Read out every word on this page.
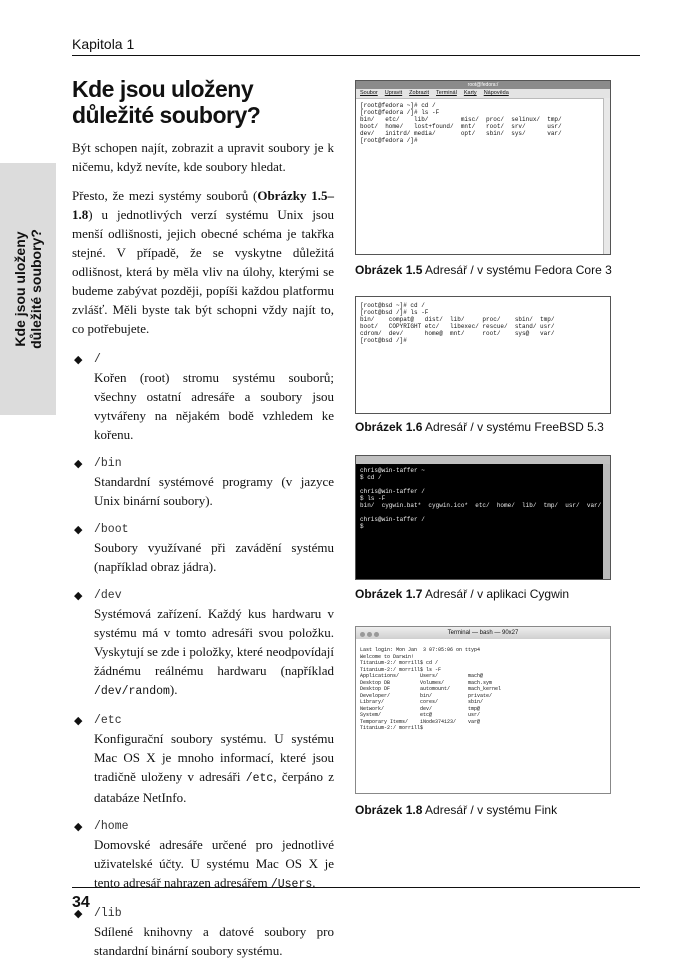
Kapitola 1
Kde jsou uloženy důležité soubory?
Kde jsou uloženy
důležité soubory?

Být schopen najít, zobrazit a upravit soubory je k ničemu, když nevíte, kde soubory hledat.

Přesto, že mezi systémy souborů (Obrázky 1.5–1.8) u jednotlivých verzí systému Unix jsou menší odlišnosti, jejich obecné schéma je takřka stejné. V případě, že se vyskytne důležitá odlišnost, která by měla vliv na úlohy, kterými se budeme zabývat později, popíši každou platformu zvlášť. Měli byste tak být schopni vždy najít to, co potřebujete.

◆ /
Kořen (root) stromu systému souborů; všechny ostatní adresáře a soubory jsou vytvářeny na nějakém bodě vzhledem ke kořenu.
◆ /bin
Standardní systémové programy (v jazyce Unix binární soubory).
◆ /boot
Soubory využívané při zavádění systému (například obraz jádra).
◆ /dev
Systémová zařízení. Každý kus hardwaru v systému má v tomto adresáři svou položku. Vyskytují se zde i položky, které neodpovídají žádnému reálnému hardwaru (například /dev/random).
◆ /etc
Konfigurační soubory systému. U systému Mac OS X je mnoho informací, které jsou tradičně uloženy v adresáři /etc, čerpáno z databáze NetInfo.
◆ /home
Domovské adresáře určené pro jednotlivé uživatelské účty. U systému Mac OS X je tento adresář nahrazen adresářem /Users.
◆ /lib
Sdílené knihovny a datové soubory pro standardní binární soubory systému.
root@fedora:/
Soubor Upravit Zobrazit Terminál Karty Nápověda
[root@fedora ~]# cd /
[root@fedora /]# ls -F
bin/   etc/    lib/         misc/  proc/  selinux/  tmp/
boot/  home/   lost+found/  mnt/   root/  srv/      usr/
dev/   initrd/ media/       opt/   sbin/  sys/      var/
[root@fedora /]#
Obrázek 1.5 Adresář / v systému Fedora Core 3
[root@bsd ~]# cd /
[root@bsd /]# ls -F
bin/    compat@   dist/  lib/     proc/    sbin/  tmp/
boot/   COPYRIGHT etc/   libexec/ rescue/  stand/ usr/
cdrom/  dev/      home@  mnt/     root/    sys@   var/
[root@bsd /]#
Obrázek 1.6 Adresář / v systému FreeBSD 5.3
chris@win-taffer ~
$ cd /

chris@win-taffer /
$ ls -F
bin/  cygwin.bat*  cygwin.ico*  etc/  home/  lib/  tmp/  usr/  var/

chris@win-taffer /
$
Obrázek 1.7 Adresář / v aplikaci Cygwin
Terminal — bash — 90x27
Last login: Mon Jan  3 07:05:06 on ttyp4
Welcome to Darwin!
Titanium-2:/ morrill$ cd /
Titanium-2:/ morrill$ ls -F
Applications/       Users/          mach@
Desktop DB          Volumes/        mach.sym
Desktop DF          automount/      mach_kernel
Developer/          bin/            private/
Library/            cores/          sbin/
Network/            dev/            tmp@
System/             etc@            usr/
Temporary Items/    iNode374123/    var@
Titanium-2:/ morrill$
Obrázek 1.8 Adresář / v systému Fink
34
